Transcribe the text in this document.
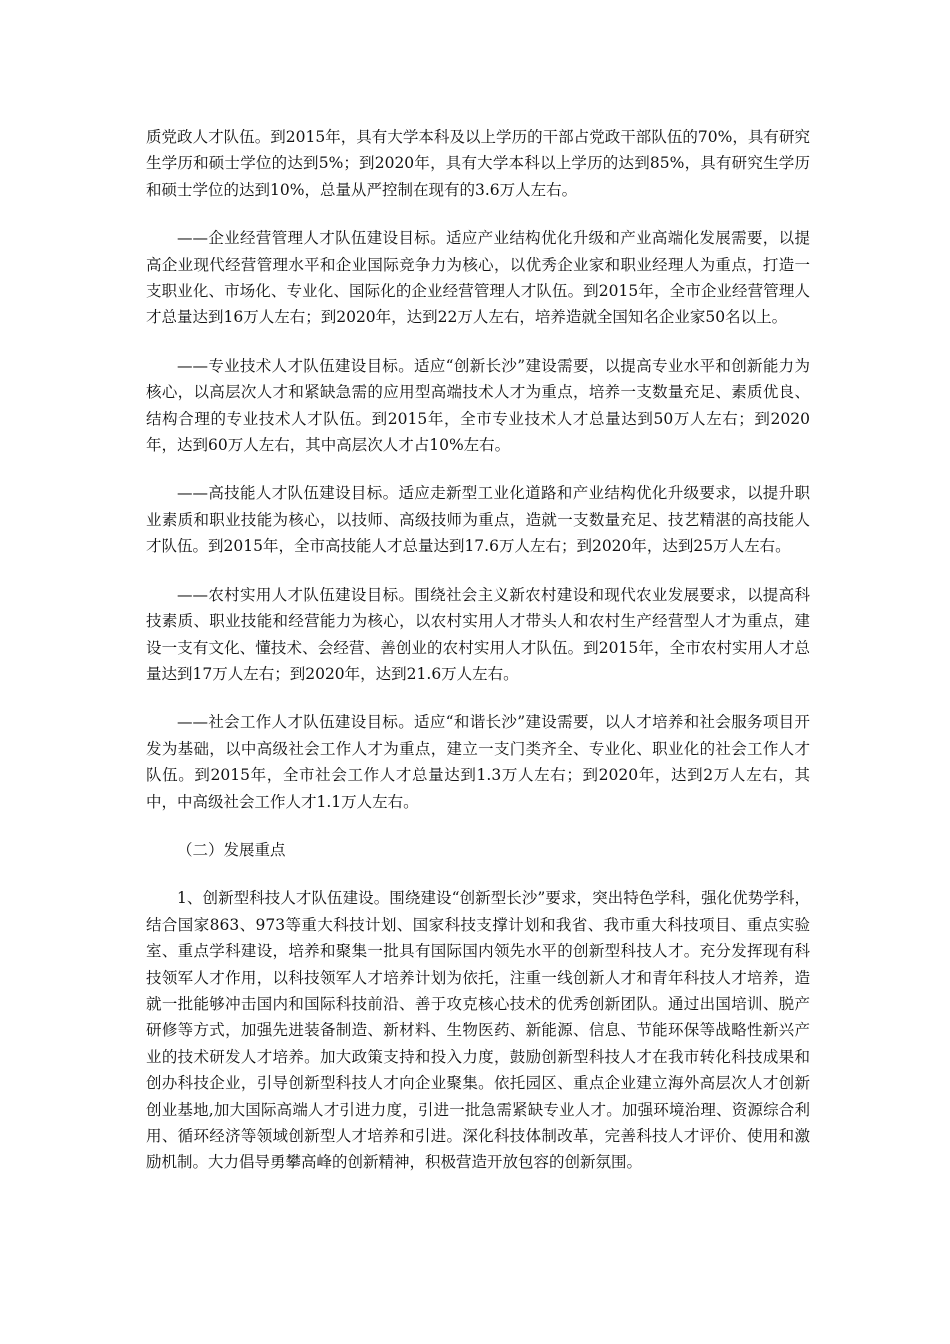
质党政人才队伍。到2015年，具有大学本科及以上学历的干部占党政干部队伍的70%，具有研究生学历和硕士学位的达到5%；到2020年，具有大学本科以上学历的达到85%，具有研究生学历和硕士学位的达到10%，总量从严控制在现有的3.6万人左右。

——企业经营管理人才队伍建设目标。适应产业结构优化升级和产业高端化发展需要，以提高企业现代经营管理水平和企业国际竞争力为核心，以优秀企业家和职业经理人为重点，打造一支职业化、市场化、专业化、国际化的企业经营管理人才队伍。到2015年，全市企业经营管理人才总量达到16万人左右；到2020年，达到22万人左右，培养造就全国知名企业家50名以上。

——专业技术人才队伍建设目标。适应“创新长沙”建设需要，以提高专业水平和创新能力为核心，以高层次人才和紧缺急需的应用型高端技术人才为重点，培养一支数量充足、素质优良、结构合理的专业技术人才队伍。到2015年，全市专业技术人才总量达到50万人左右；到2020年，达到60万人左右，其中高层次人才占10%左右。

——高技能人才队伍建设目标。适应走新型工业化道路和产业结构优化升级要求，以提升职业素质和职业技能为核心，以技师、高级技师为重点，造就一支数量充足、技艺精湛的高技能人才队伍。到2015年，全市高技能人才总量达到17.6万人左右；到2020年，达到25万人左右。

——农村实用人才队伍建设目标。围绕社会主义新农村建设和现代农业发展要求，以提高科技素质、职业技能和经营能力为核心，以农村实用人才带头人和农村生产经营型人才为重点，建设一支有文化、懂技术、会经营、善创业的农村实用人才队伍。到2015年，全市农村实用人才总量达到17万人左右；到2020年，达到21.6万人左右。

——社会工作人才队伍建设目标。适应“和谐长沙”建设需要，以人才培养和社会服务项目开发为基础，以中高级社会工作人才为重点，建立一支门类齐全、专业化、职业化的社会工作人才队伍。到2015年，全市社会工作人才总量达到1.3万人左右；到2020年，达到2万人左右，其中，中高级社会工作人才1.1万人左右。

（二）发展重点

1、创新型科技人才队伍建设。围绕建设“创新型长沙”要求，突出特色学科，强化优势学科，结合国家863、973等重大科技计划、国家科技支撑计划和我省、我市重大科技项目、重点实验室、重点学科建设，培养和聚集一批具有国际国内领先水平的创新型科技人才。充分发挥现有科技领军人才作用，以科技领军人才培养计划为依托，注重一线创新人才和青年科技人才培养，造就一批能够冲击国内和国际科技前沿、善于攻克核心技术的优秀创新团队。通过出国培训、脱产研修等方式，加强先进装备制造、新材料、生物医药、新能源、信息、节能环保等战略性新兴产业的技术研发人才培养。加大政策支持和投入力度，鼓励创新型科技人才在我市转化科技成果和创办科技企业，引导创新型科技人才向企业聚集。依托园区、重点企业建立海外高层次人才创新创业基地,加大国际高端人才引进力度，引进一批急需紧缺专业人才。加强环境治理、资源综合利用、循环经济等领域创新型人才培养和引进。深化科技体制改革，完善科技人才评价、使用和激励机制。大力倡导勇攀高峰的创新精神，积极营造开放包容的创新氛围。
